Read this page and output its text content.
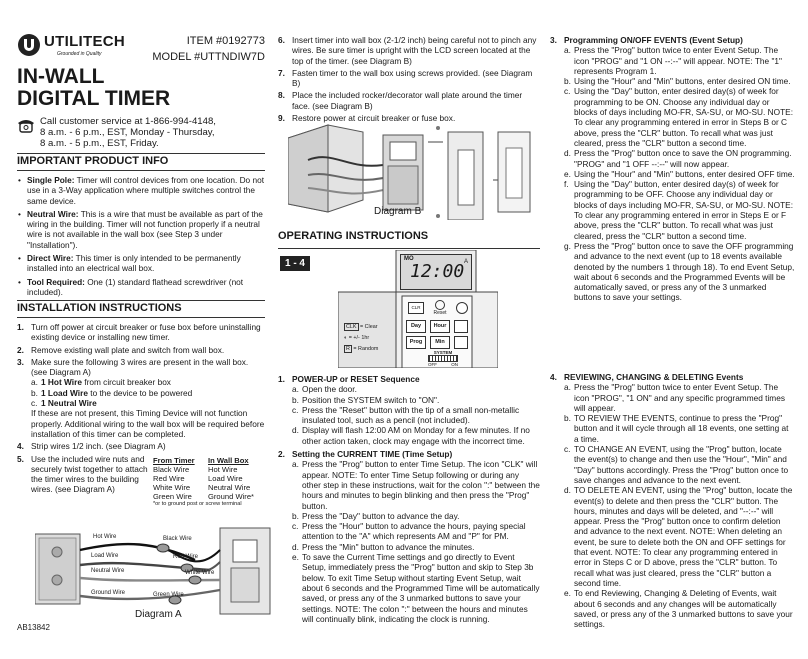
UTILITECH
Grounded in Quality
ITEM #0192773
MODEL #UTTNDIW7D
IN-WALL
DIGITAL TIMER
Call customer service at 1-866-994-4148,
8 a.m. - 6 p.m., EST, Monday - Thursday,
8 a.m. - 5 p.m., EST, Friday.
IMPORTANT PRODUCT INFO
• Single Pole: Timer will control devices from one location. Do not use in a 3-Way application where multiple switches control the same device.
• Neutral Wire: This is a wire that must be available as part of the wiring in the building. Timer will not function properly if a neutral wire is not available in the wall box (see Step 3 under "Installation").
• Direct Wire: This timer is only intended to be permanently installed into an electrical wall box.
• Tool Required: One (1) standard flathead screwdriver (not included).
INSTALLATION INSTRUCTIONS
1. Turn off power at circuit breaker or fuse box before uninstalling existing device or installing new timer.
2. Remove existing wall plate and switch from wall box.
3. Make sure the following 3 wires are present in the wall box. (see Diagram A)
a. 1 Hot Wire from circuit breaker box
b. 1 Load Wire to the device to be powered
c. 1 Neutral Wire
If these are not present, this Timing Device will not function properly. Additional wiring to the wall box will be required before installation of this timer can be completed.
4. Strip wires 1/2 inch. (see Diagram A)
5. Use the included wire nuts and securely twist together to attach the timer wires to the building wires. (see Diagram A)
From Timer	In Wall Box
Black Wire	Hot Wire
Red Wire	Load Wire
White Wire	Neutral Wire
Green Wire	Ground Wire*
*or to ground post or screw terminal
Hot Wire
Load Wire
Neutral Wire
Ground Wire
Black Wire
Red Wire
White Wire
Green Wire
Diagram A
AB13842
6. Insert timer into wall box (2-1/2 inch) being careful not to pinch any wires. Be sure timer is upright with the LCD screen located at the top of the timer. (see Diagram B)
7. Fasten timer to the wall box using screws provided. (see Diagram B)
8. Place the included rocker/decorator wall plate around the timer face. (see Diagram B)
9. Restore power at circuit breaker or fuse box.
Diagram B
OPERATING INSTRUCTIONS
1 - 4	MO
12:00 A
CLK = Clear
◐ = +/- 1hr
R = Random
CLR
Reset
Day	Hour
Prog	Min
SYSTEM
OFF	ON
1. POWER-UP or RESET Sequence
a. Open the door.
b. Position the SYSTEM switch to "ON".
c. Press the "Reset" button with the tip of a small non-metallic insulated tool, such as a pencil (not included).
d. Display will flash 12:00 AM on Monday for a few minutes. If no other action taken, clock may engage with the incorrect time.
2. Setting the CURRENT TIME (Time Setup)
a. Press the "Prog" button to enter Time Setup. The icon "CLK" will appear. NOTE: To enter Time Setup following or during any other step in these instructions, wait for the colon ":" between the hours and minutes to begin blinking and then press the "Prog" button.
b. Press the "Day" button to advance the day.
c. Press the "Hour" button to advance the hours, paying special attention to the "A" which represents AM and "P" for PM.
d. Press the "Min" button to advance the minutes.
e. To save the Current Time settings and go directly to Event Setup, immediately press the "Prog" button and skip to Step 3b below. To exit Time Setup without starting Event Setup, wait about 6 seconds and the Programmed Time will be automatically saved, or press any of the 3 unmarked buttons to save your settings. NOTE: The colon ":" between the hours and minutes will continually blink, indicating the clock is running.
3. Programming ON/OFF EVENTS (Event Setup)
a. Press the "Prog" button twice to enter Event Setup. The icon "PROG" and "1 ON --:--" will appear. NOTE: The "1" represents Program 1.
b. Using the "Hour" and "Min" buttons, enter desired ON time.
c. Using the "Day" button, enter desired day(s) of week for programming to be ON. Choose any individual day or blocks of days including MO-FR, SA-SU, or MO-SU. NOTE: To clear any programming entered in error in Steps B or C above, press the "CLR" button. To recall what was just cleared, press the "CLR" button a second time.
d. Press the "Prog" button once to save the ON programming. "PROG" and "1 OFF --:--" will now appear.
e. Using the "Hour" and "Min" buttons, enter desired OFF time.
f. Using the "Day" button, enter desired day(s) of week for programming to be OFF. Choose any individual day or blocks of days including MO-FR, SA-SU, or MO-SU. NOTE: To clear any programming entered in error in Steps E or F above, press the "CLR" button. To recall what was just cleared, press the "CLR" button a second time.
g. Press the "Prog" button once to save the OFF programming and advance to the next event (up to 18 events available denoted by the numbers 1 through 18). To end Event Setup, wait about 6 seconds and the Programmed Events will be automatically saved, or press any of the 3 unmarked buttons to save your settings.
4. REVIEWING, CHANGING & DELETING Events
a. Press the "Prog" button twice to enter Event Setup. The icon "PROG", "1 ON" and any specific programmed times will appear.
b. TO REVIEW THE EVENTS, continue to press the "Prog" button and it will cycle through all 18 events, one setting at a time.
c. TO CHANGE AN EVENT, using the "Prog" button, locate the event(s) to change and then use the "Hour", "Min" and "Day" buttons accordingly. Press the "Prog" button once to save changes and advance to the next event.
d. TO DELETE AN EVENT, using the "Prog" button, locate the event(s) to delete and then press the "CLR" button. The hours, minutes and days will be deleted, and "--:--" will appear. Press the "Prog" button once to confirm deletion and advance to the next event. NOTE: When deleting an event, be sure to delete both the ON and OFF settings for that event. NOTE: To clear any programming entered in error in Steps C or D above, press the "CLR" button. To recall what was just cleared, press the "CLR" button a second time.
e. To end Reviewing, Changing & Deleting of Events, wait about 6 seconds and any changes will be automatically saved, or press any of the 3 unmarked buttons to save your settings.
